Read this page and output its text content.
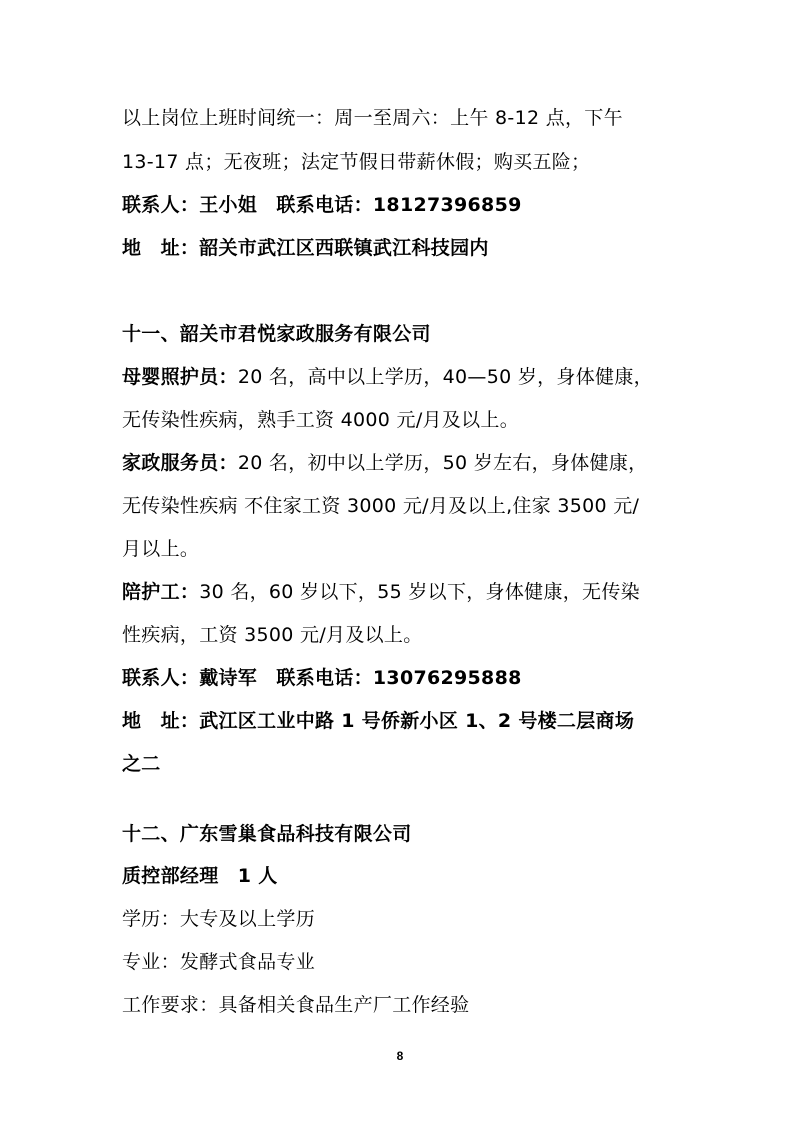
以上岗位上班时间统一：周一至周六：上午 8-12 点，下午
13-17 点；无夜班；法定节假日带薪休假；购买五险；
联系人：王小姐　联系电话：18127396859
地　址：韶关市武江区西联镇武江科技园内
十一、韶关市君悦家政服务有限公司
母婴照护员：20 名，高中以上学历，40—50 岁，身体健康，
无传染性疾病，熟手工资 4000 元/月及以上。
家政服务员：20 名，初中以上学历，50 岁左右，身体健康，
无传染性疾病 不住家工资 3000 元/月及以上,住家 3500 元/
月以上。
陪护工：30 名，60 岁以下，55 岁以下，身体健康，无传染
性疾病，工资 3500 元/月及以上。
联系人：戴诗军　联系电话：13076295888
地　址：武江区工业中路 1 号侨新小区 1、2 号楼二层商场
之二
十二、广东雪巢食品科技有限公司
质控部经理　1 人
学历：大专及以上学历
专业：发酵式食品专业
工作要求：具备相关食品生产厂工作经验
8
